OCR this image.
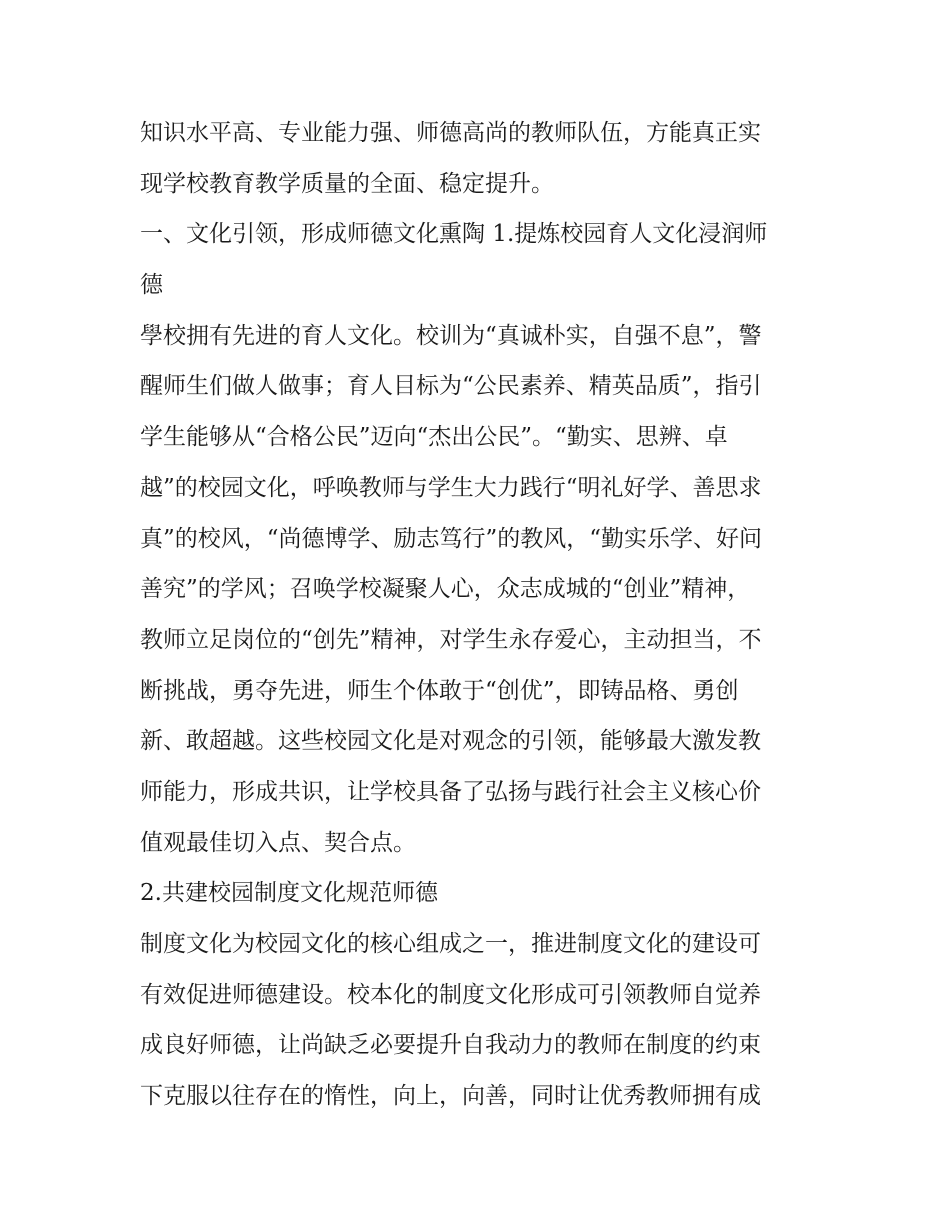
知识水平高、专业能力强、师德高尚的教师队伍，方能真正实
现学校教育教学质量的全面、稳定提升。
一、文化引领，形成师德文化熏陶 1.提炼校园育人文化浸润师
德
學校拥有先进的育人文化。校训为“真诚朴实，自强不息”，警
醒师生们做人做事；育人目标为“公民素养、精英品质”，指引
学生能够从“合格公民”迈向“杰出公民”。“勤实、思辨、卓
越”的校园文化，呼唤教师与学生大力践行“明礼好学、善思求
真”的校风，“尚德博学、励志笃行”的教风，“勤实乐学、好问
善究”的学风；召唤学校凝聚人心，众志成城的“创业”精神，
教师立足岗位的“创先”精神，对学生永存爱心，主动担当，不
断挑战，勇夺先进，师生个体敢于“创优”，即铸品格、勇创
新、敢超越。这些校园文化是对观念的引领，能够最大激发教
师能力，形成共识，让学校具备了弘扬与践行社会主义核心价
值观最佳切入点、契合点。
2.共建校园制度文化规范师德
制度文化为校园文化的核心组成之一，推进制度文化的建设可
有效促进师德建设。校本化的制度文化形成可引领教师自觉养
成良好师德，让尚缺乏必要提升自我动力的教师在制度的约束
下克服以往存在的惰性，向上，向善，同时让优秀教师拥有成
